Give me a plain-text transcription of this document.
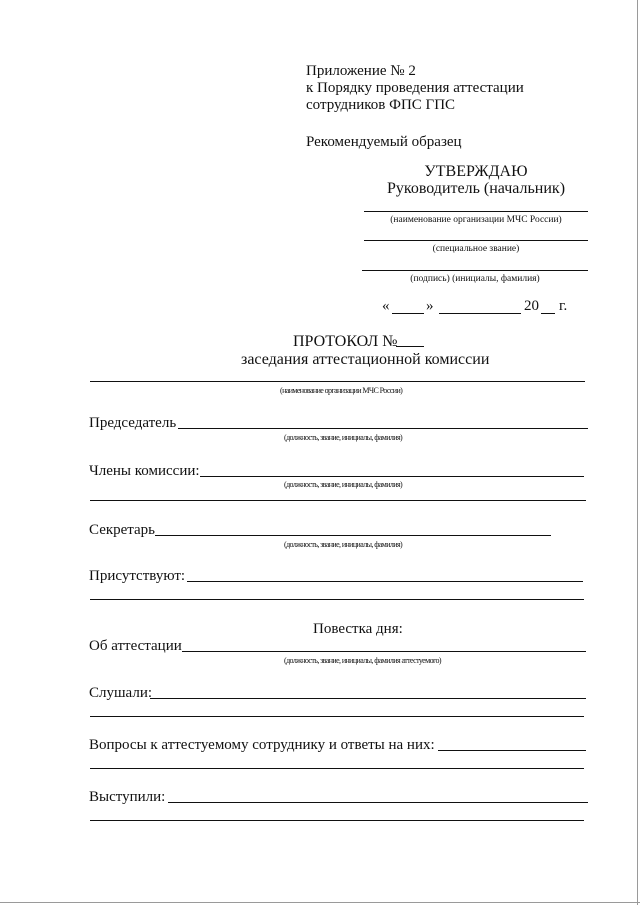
Приложение № 2
к Порядку проведения аттестации
сотрудников ФПС ГПС
Рекомендуемый образец
УТВЕРЖДАЮ
Руководитель (начальник)
(наименование организации МЧС России)
(специальное звание)
(подпись) (инициалы, фамилия)
« »	20 г.
ПРОТОКОЛ №
заседания аттестационной комиссии
(наименование организации МЧС России)
Председатель
(должность, звание, инициалы, фамилия)
Члены комиссии:
(должность, звание, инициалы, фамилия)
Секретарь
(должность, звание, инициалы, фамилия)
Присутствуют:
Повестка дня:
Об аттестации
(должность, звание, инициалы, фамилия аттестуемого)
Слушали:
Вопросы к аттестуемому сотруднику и ответы на них:
Выступили:
